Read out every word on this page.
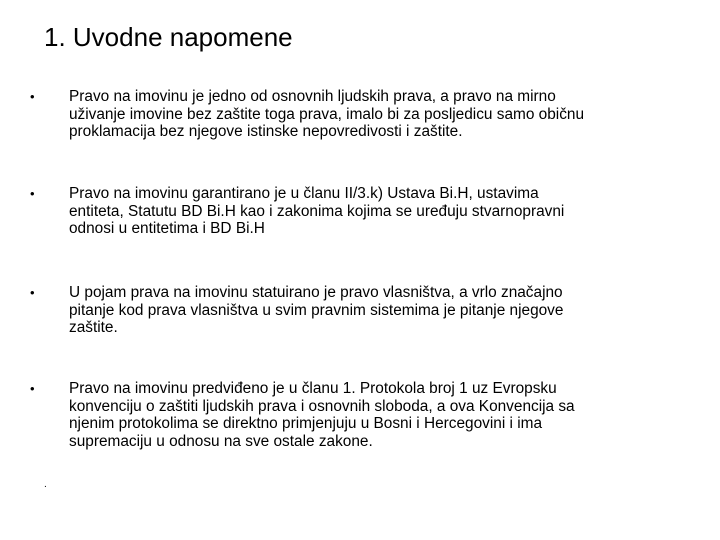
1. Uvodne napomene
• Pravo na imovinu je jedno od osnovnih ljudskih prava, a pravo na mirno
uživanje imovine bez zaštite toga prava, imalo bi za posljedicu samo običnu
proklamacija bez njegove istinske nepovredivosti i zaštite.

• Pravo na imovinu garantirano je u članu II/3.k) Ustava Bi.H, ustavima
entiteta, Statutu BD Bi.H kao i zakonima kojima se uređuju stvarnopravni
odnosi u entitetima i BD Bi.H

• U pojam prava na imovinu statuirano je pravo vlasništva, a vrlo značajno
pitanje kod prava vlasništva u svim pravnim sistemima je pitanje njegove
zaštite.

• Pravo na imovinu predviđeno je u članu 1. Protokola broj 1 uz Evropsku
konvenciju o zaštiti ljudskih prava i osnovnih sloboda, a ova Konvencija sa
njenim protokolima se direktno primjenjuju u Bosni i Hercegovini i ima
supremaciju u odnosu na sve ostale zakone.

.
